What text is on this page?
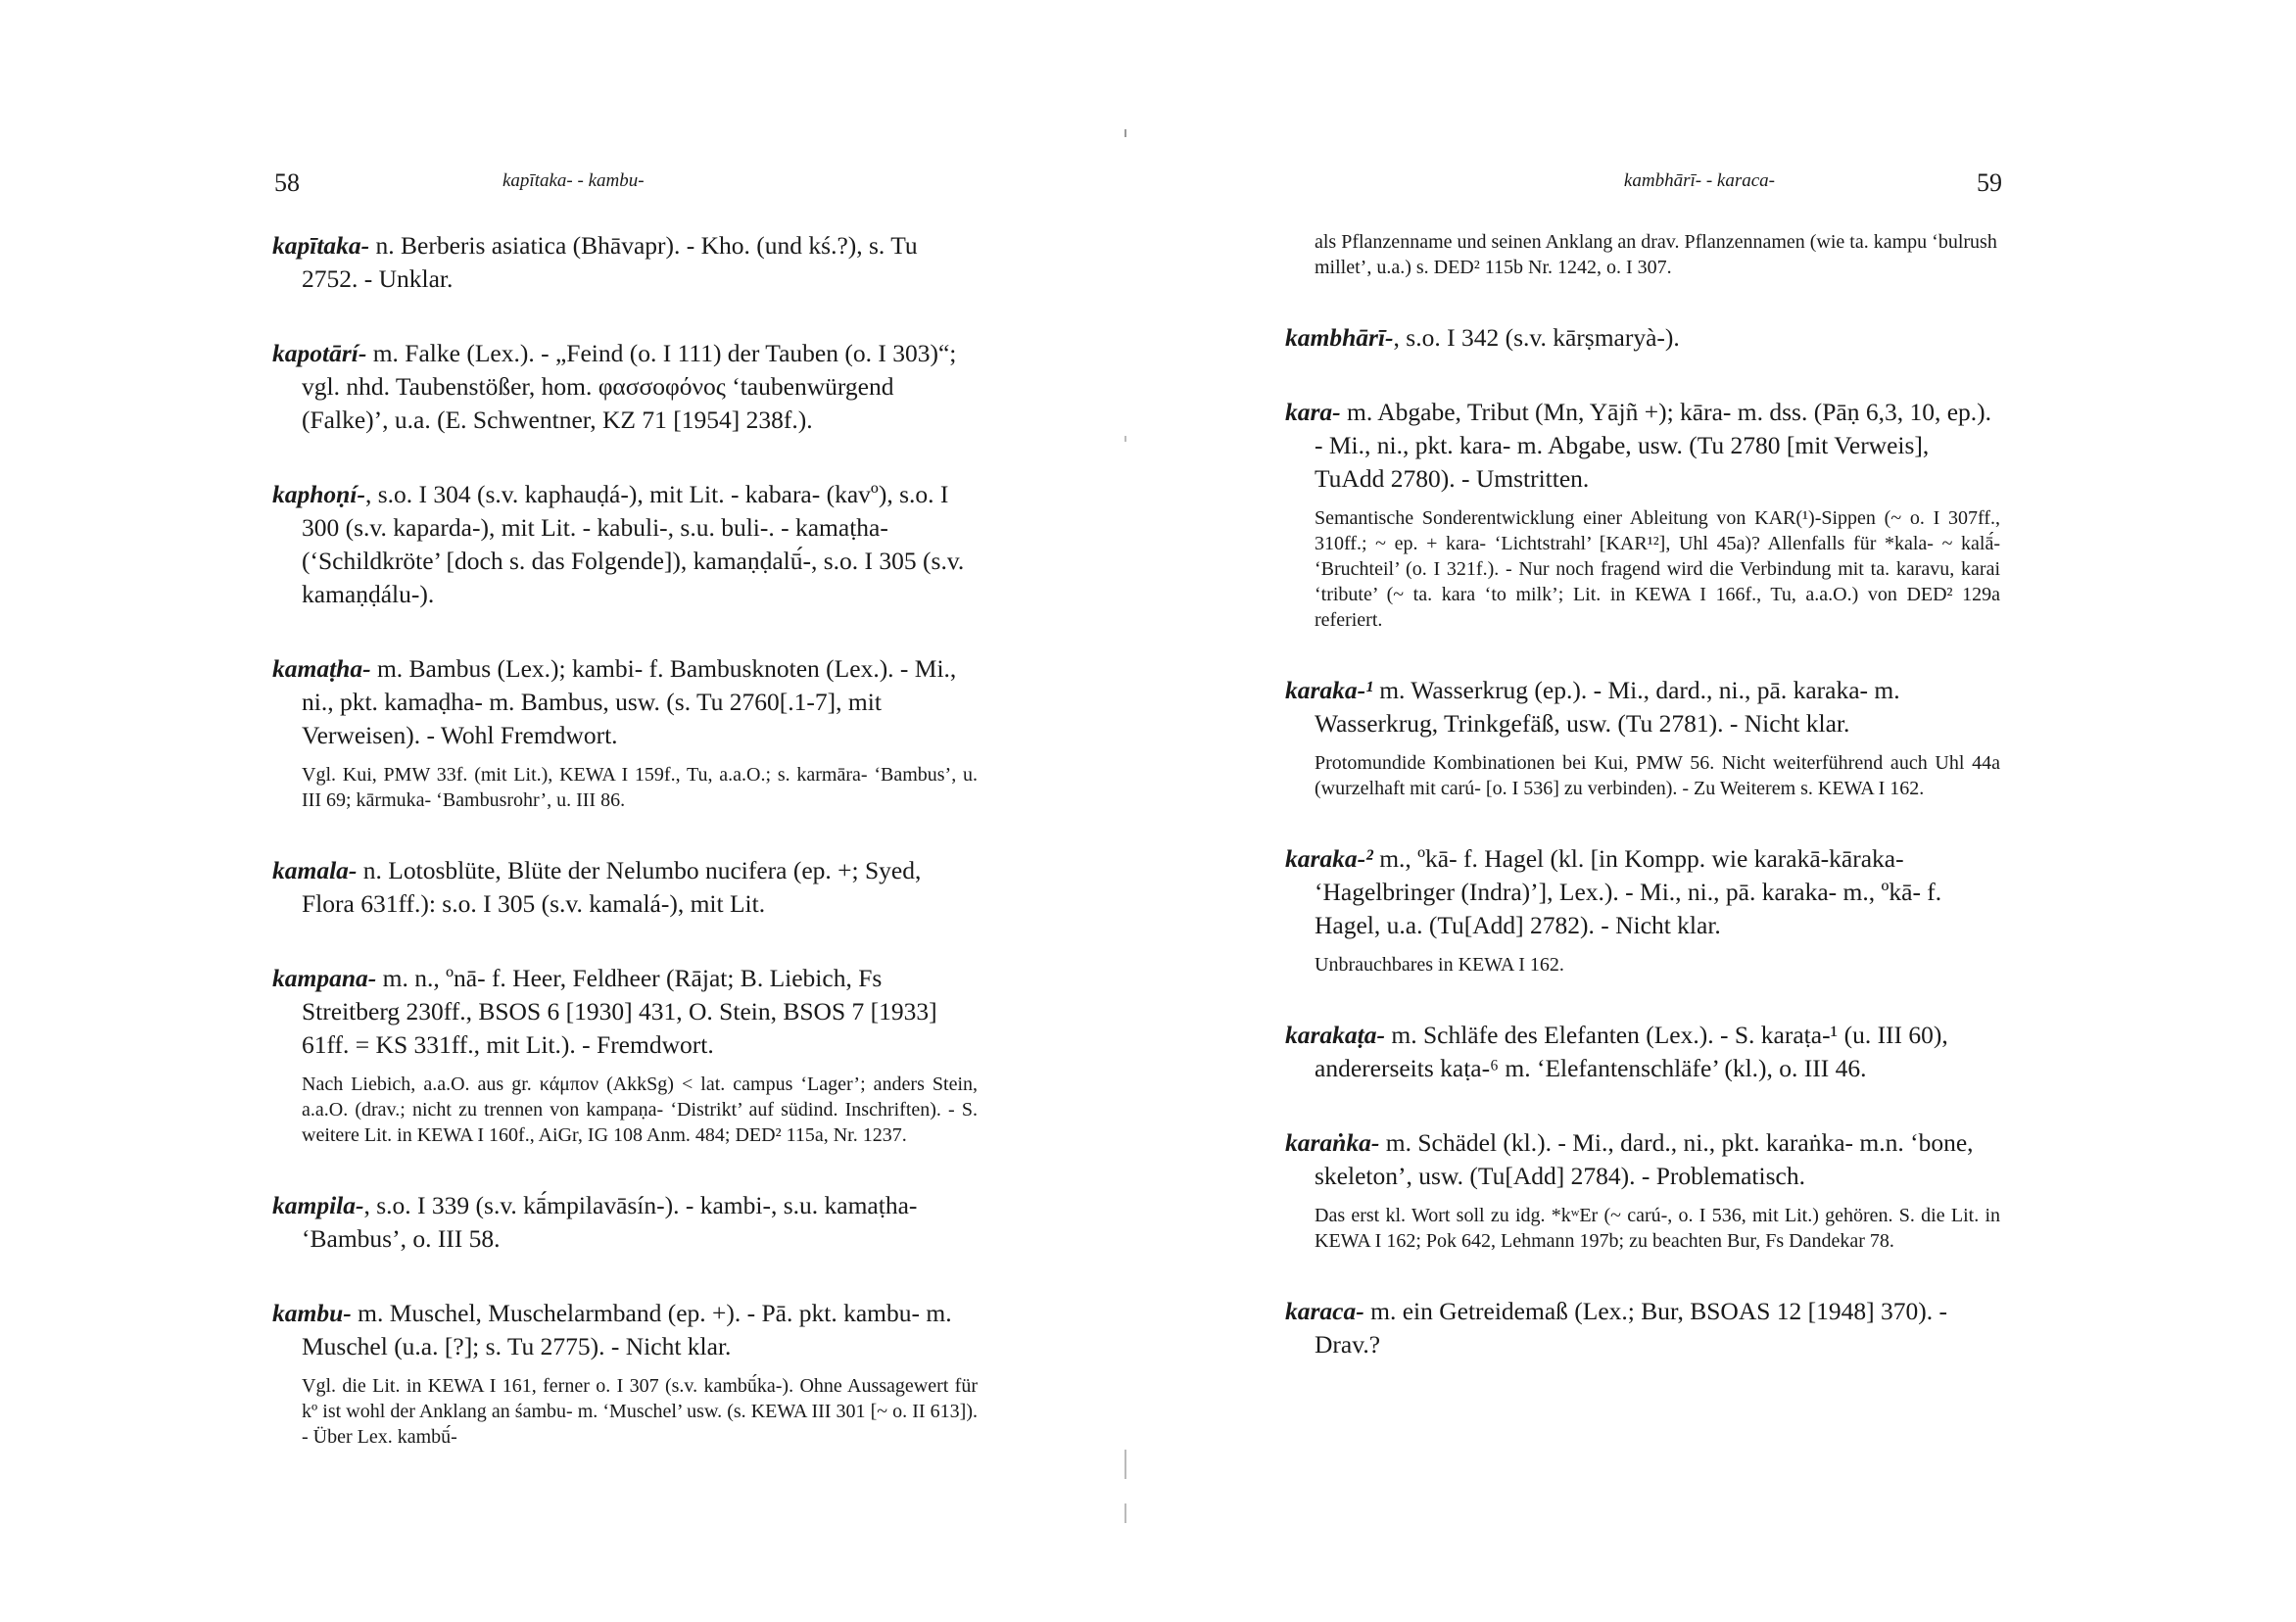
58	kapītaka- - kambu-
kapītaka- n. Berberis asiatica (Bhāvapr). - Kho. (und kś.?), s. Tu 2752. - Unklar.
kapotārí- m. Falke (Lex.). - „Feind (o. I 111) der Tauben (o. I 303)“; vgl. nhd. Taubenstößer, hom. φασσοφόνος ‘taubenwürgend (Falke)’, u.a. (E. Schwentner, KZ 71 [1954] 238f.).
kaphoṇí-, s.o. I 304 (s.v. kaphauḍá-), mit Lit. - kabara- (kavº), s.o. I 300 (s.v. kaparda-), mit Lit. - kabuli-, s.u. buli-. - kamaṭha- (‘Schildkröte’ [doch s. das Folgende]), kamaṇḍalū́-, s.o. I 305 (s.v. kamaṇḍálu-).
kamaṭha- m. Bambus (Lex.); kambi- f. Bambusknoten (Lex.). - Mi., ni., pkt. kamaḍha- m. Bambus, usw. (s. Tu 2760[.1-7], mit Verweisen). - Wohl Fremdwort.
Vgl. Kui, PMW 33f. (mit Lit.), KEWA I 159f., Tu, a.a.O.; s. karmāra- ‘Bambus’, u. III 69; kārmuka- ‘Bambusrohr’, u. III 86.
kamala- n. Lotosblüte, Blüte der Nelumbo nucifera (ep. +; Syed, Flora 631ff.): s.o. I 305 (s.v. kamalá-), mit Lit.
kampana- m. n., ºnā- f. Heer, Feldheer (Rājat; B. Liebich, Fs Streitberg 230ff., BSOS 6 [1930] 431, O. Stein, BSOS 7 [1933] 61ff. = KS 331ff., mit Lit.). - Fremdwort.
Nach Liebich, a.a.O. aus gr. κάμπον (AkkSg) < lat. campus ‘Lager’; anders Stein, a.a.O. (drav.; nicht zu trennen von kampaṇa- ‘Distrikt’ auf südind. Inschriften). - S. weitere Lit. in KEWA I 160f., AiGr, IG 108 Anm. 484; DED² 115a, Nr. 1237.
kampila-, s.o. I 339 (s.v. kā́mpilavāsín-). - kambi-, s.u. kamaṭha- ‘Bambus’, o. III 58.
kambu- m. Muschel, Muschelarmband (ep. +). - Pā. pkt. kambu- m. Muschel (u.a. [?]; s. Tu 2775). - Nicht klar.
Vgl. die Lit. in KEWA I 161, ferner o. I 307 (s.v. kambū́ka-). Ohne Aussagewert für kº ist wohl der Anklang an śambu- m. ‘Muschel’ usw. (s. KEWA III 301 [~ o. II 613]). - Über Lex. kambū́-
kambhārī- - karaca-	59
als Pflanzenname und seinen Anklang an drav. Pflanzennamen (wie ta. kampu ‘bulrush millet’, u.a.) s. DED² 115b Nr. 1242, o. I 307.
kambhārī-, s.o. I 342 (s.v. kārṣmaryà-).
kara- m. Abgabe, Tribut (Mn, Yājñ +); kāra- m. dss. (Pāṇ 6,3, 10, ep.). - Mi., ni., pkt. kara- m. Abgabe, usw. (Tu 2780 [mit Verweis], TuAdd 2780). - Umstritten.
Semantische Sonderentwicklung einer Ableitung von KAR(¹)-Sippen (~ o. I 307ff., 310ff.; ~ ep. + kara- ‘Lichtstrahl’ [KAR¹²], Uhl 45a)? Allenfalls für *kala- ~ kalā́- ‘Bruchteil’ (o. I 321f.). - Nur noch fragend wird die Verbindung mit ta. karavu, karai ‘tribute’ (~ ta. kara ‘to milk’; Lit. in KEWA I 166f., Tu, a.a.O.) von DED² 129a referiert.
karaka-¹ m. Wasserkrug (ep.). - Mi., dard., ni., pā. karaka- m. Wasserkrug, Trinkgefäß, usw. (Tu 2781). - Nicht klar.
Protomundide Kombinationen bei Kui, PMW 56. Nicht weiterführend auch Uhl 44a (wurzelhaft mit carú- [o. I 536] zu verbinden). - Zu Weiterem s. KEWA I 162.
karaka-² m., ºkā- f. Hagel (kl. [in Kompp. wie karakā-kāraka- ‘Hagelbringer (Indra)’], Lex.). - Mi., ni., pā. karaka- m., ºkā- f. Hagel, u.a. (Tu[Add] 2782). - Nicht klar.
Unbrauchbares in KEWA I 162.
karakaṭa- m. Schläfe des Elefanten (Lex.). - S. karaṭa-¹ (u. III 60), andererseits kaṭa-⁶ m. ‘Elefantenschläfe’ (kl.), o. III 46.
karaṅka- m. Schädel (kl.). - Mi., dard., ni., pkt. karaṅka- m.n. ‘bone, skeleton’, usw. (Tu[Add] 2784). - Problematisch.
Das erst kl. Wort soll zu idg. *kʷEr (~ carú-, o. I 536, mit Lit.) gehören. S. die Lit. in KEWA I 162; Pok 642, Lehmann 197b; zu beachten Bur, Fs Dandekar 78.
karaca- m. ein Getreidemaß (Lex.; Bur, BSOAS 12 [1948] 370). - Drav.?
